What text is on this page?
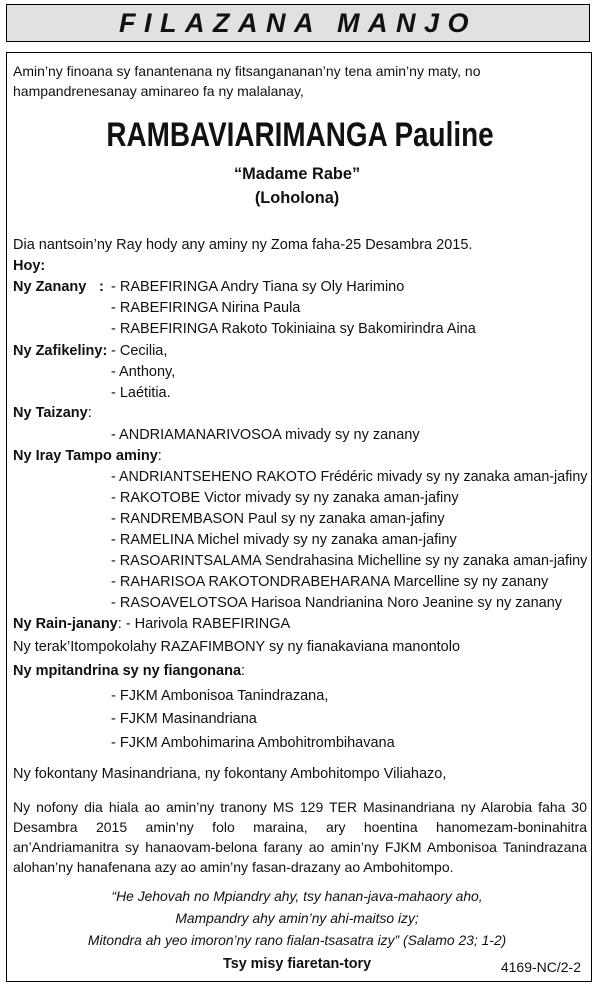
FILAZANA MANJO
Amin’ny finoana sy fanantenana ny fitsangananan’ny tena amin’ny maty, no hampandrenesanay aminareo fa ny malalanay,
RAMBAVIARIMANGA Pauline
“Madame Rabe”
(Loholona)
Dia nantsoin’ny Ray hody any aminy ny Zoma faha-25 Desambra 2015.
Hoy:
Ny Zanany : - RABEFIRINGA Andry Tiana sy Oly Harimino
- RABEFIRINGA Nirina Paula
- RABEFIRINGA Rakoto Tokiniaina sy Bakomirindra Aina
Ny Zafikeliny: - Cecilia,
- Anthony,
- Laétitia.
Ny Taizany:
- ANDRIAMANARIVOSOA mivady sy ny zanany
Ny Iray Tampo aminy:
- ANDRIANTSEHENO RAKOTO Frédéric mivady sy ny zanaka aman-jafiny
- RAKOTOBE Victor mivady sy ny zanaka aman-jafiny
- RANDREMBASON Paul sy ny zanaka aman-jafiny
- RAMELINA Michel mivady sy ny zanaka aman-jafiny
- RASOARINTSALAMA Sendrahasina Michelline sy ny zanaka aman-jafiny
- RAHARISOA RAKOTONDRABEHARANA Marcelline sy ny zanany
- RASOAVELOTSOA Harisoa Nandrianina Noro Jeanine sy ny zanany
Ny Rain-janany: - Harivola RABEFIRINGA
Ny terak’Itompokolahy RAZAFIMBONY sy ny fianakaviana manontolo
Ny mpitandrina sy ny fiangonana:
- FJKM Ambonisoa Tanindrazana,
- FJKM Masinandriana
- FJKM Ambohimarina Ambohitrombihavana
Ny fokontany Masinandriana, ny fokontany Ambohitompo Viliahazo,
Ny nofony dia hiala ao amin’ny tranony MS 129 TER Masinandriana ny Alarobia faha 30 Desambra 2015 amin’ny folo maraina, ary hoentina hanomezam-boninahitra an’Andriamanitra sy hanaovam-belona farany ao amin’ny FJKM Ambonisoa Tanindrazana alohan’ny hanafenana azy ao amin’ny fasan-drazany ao Ambohitompo.
“He Jehovah no Mpiandry ahy, tsy hanan-java-mahaory aho,
Mampandry ahy amin’ny ahi-maitso izy;
Mitondra ah yeo imoron’ny rano fialan-tsasatra izy” (Salamo 23; 1-2)
Tsy misy fiaretan-tory	4169-NC/2-2
